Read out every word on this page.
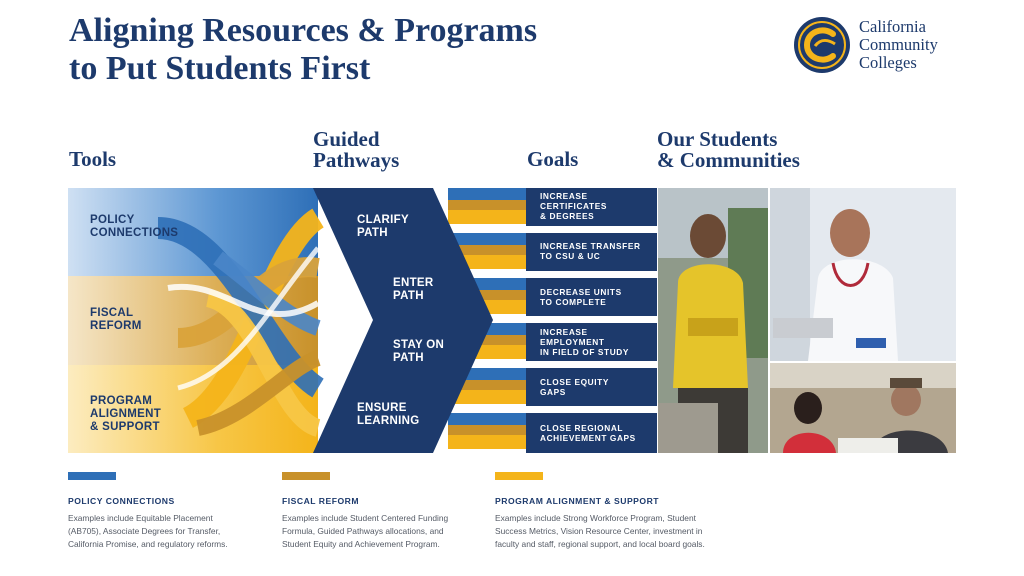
Aligning Resources & Programs
to Put Students First
California
Community
Colleges
Tools
Guided
Pathways	Goals
Our Students
& Communities
POLICY CONNECTIONS
FISCAL REFORM
PROGRAM ALIGNMENT & SUPPORT
CLARIFY PATH
ENTER PATH
STAY ON PATH
ENSURE LEARNING
INCREASE CERTIFICATES & DEGREES
INCREASE TRANSFER TO CSU & UC
DECREASE UNITS TO COMPLETE
INCREASE EMPLOYMENT IN FIELD OF STUDY
CLOSE EQUITY GAPS
CLOSE REGIONAL ACHIEVEMENT GAPS
POLICY CONNECTIONS

Examples include Equitable Placement
(AB705), Associate Degrees for Transfer,
California Promise, and regulatory reforms.

FISCAL REFORM

Examples include Student Centered Funding
Formula, Guided Pathways allocations, and
Student Equity and Achievement Program.

PROGRAM ALIGNMENT & SUPPORT

Examples include Strong Workforce Program, Student
Success Metrics, Vision Resource Center, investment in
faculty and staff, regional support, and local board goals.
